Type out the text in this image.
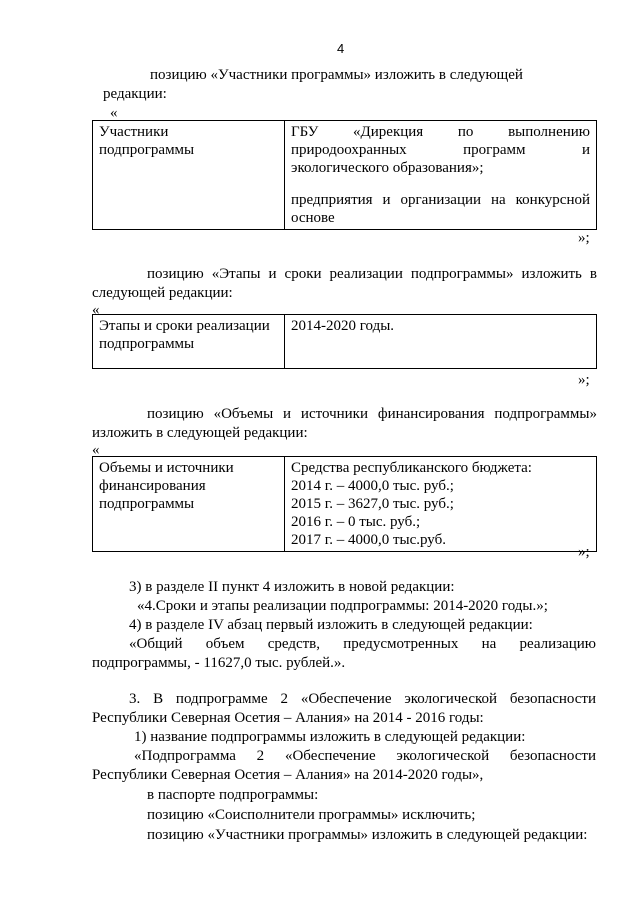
4
позицию «Участники программы» изложить в следующей
редакции:
«
Участники
подпрограммы

ГБУ «Дирекция по выполнению
природоохранных программ и
экологического образования»;
предприятия и организации на конкурсной
основе
»;
позицию «Этапы и сроки реализации подпрограммы» изложить в
следующей редакции:
«
Этапы и сроки реализации
подпрограммы

2014-2020 годы.
»;
позицию «Объемы и источники финансирования подпрограммы»
изложить в следующей редакции:
«
Объемы и источники
финансирования
подпрограммы

Средства республиканского бюджета:
2014 г. – 4000,0 тыс. руб.;
2015 г. – 3627,0 тыс. руб.;
2016 г. – 0 тыс. руб.;
2017 г. – 4000,0 тыс.руб.
»;
3) в разделе II пункт 4 изложить в новой редакции:
«4.Сроки и этапы реализации подпрограммы: 2014-2020 годы.»;
4) в разделе IV абзац первый изложить в следующей редакции:
«Общий объем средств, предусмотренных на реализацию
подпрограммы, - 11627,0 тыс. рублей.».
3. В подпрограмме 2 «Обеспечение экологической безопасности
Республики Северная Осетия – Алания» на 2014 - 2016 годы:
1) название подпрограммы изложить в следующей редакции:
«Подпрограмма 2 «Обеспечение экологической безопасности
Республики Северная Осетия – Алания» на 2014-2020 годы»,
в паспорте подпрограммы:
позицию «Соисполнители программы» исключить;
позицию «Участники программы» изложить в следующей редакции:
